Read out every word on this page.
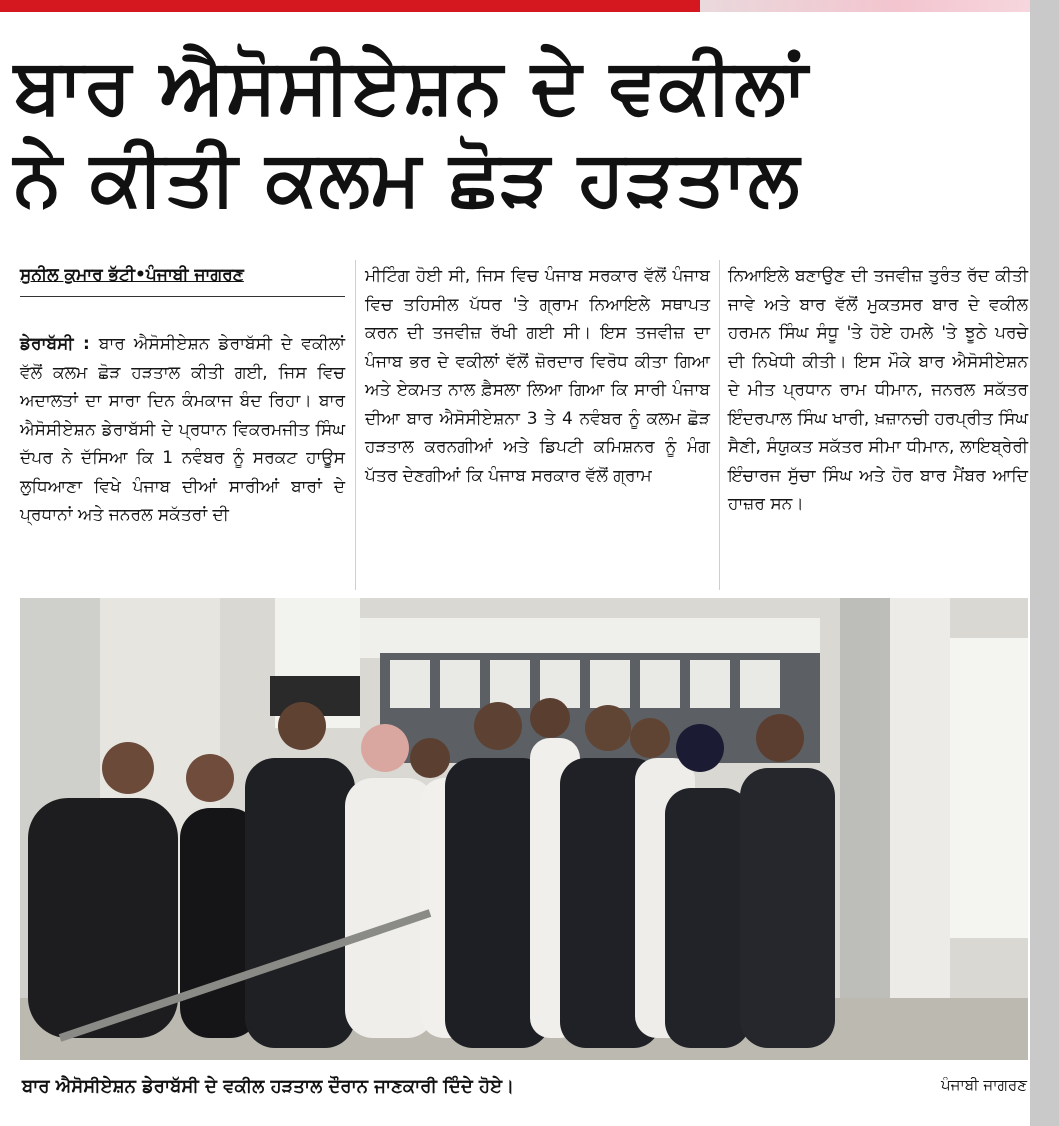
ਬਾਰ ਐਸੋਸੀਏਸ਼ਨ ਦੇ ਵਕੀਲਾਂ
ਨੇ ਕੀਤੀ ਕਲਮ ਛੋੜ ਹੜਤਾਲ
ਸੁਨੀਲ ਕੁਮਾਰ ਭੱਟੀ•ਪੰਜਾਬੀ ਜਾਗਰਣ

ਡੇਰਾਬੱਸੀ : ਬਾਰ ਐਸੋਸੀਏਸ਼ਨ ਡੇਰਾਬੱਸੀ ਦੇ ਵਕੀਲਾਂ ਵੱਲੋਂ ਕਲਮ ਛੋੜ ਹੜਤਾਲ ਕੀਤੀ ਗਈ, ਜਿਸ ਵਿਚ ਅਦਾਲਤਾਂ ਦਾ ਸਾਰਾ ਦਿਨ ਕੰਮਕਾਜ ਬੰਦ ਰਿਹਾ। ਬਾਰ ਐਸੋਸੀਏਸ਼ਨ ਡੇਰਾਬੱਸੀ ਦੇ ਪ੍ਰਧਾਨ ਵਿਕਰਮਜੀਤ ਸਿੰਘ ਦੱਪਰ ਨੇ ਦੱਸਿਆ ਕਿ 1 ਨਵੰਬਰ ਨੂੰ ਸਰਕਟ ਹਾਊਸ ਲੁਧਿਆਣਾ ਵਿਖੇ ਪੰਜਾਬ ਦੀਆਂ ਸਾਰੀਆਂ ਬਾਰਾਂ ਦੇ ਪ੍ਰਧਾਨਾਂ ਅਤੇ ਜਨਰਲ ਸਕੱਤਰਾਂ ਦੀ

ਮੀਟਿੰਗ ਹੋਈ ਸੀ, ਜਿਸ ਵਿਚ ਪੰਜਾਬ ਸਰਕਾਰ ਵੱਲੋਂ ਪੰਜਾਬ ਵਿਚ ਤਹਿਸੀਲ ਪੱਧਰ 'ਤੇ ਗ੍ਰਾਮ ਨਿਆਇਲੇ ਸਥਾਪਤ ਕਰਨ ਦੀ ਤਜਵੀਜ਼ ਰੱਖੀ ਗਈ ਸੀ। ਇਸ ਤਜਵੀਜ਼ ਦਾ ਪੰਜਾਬ ਭਰ ਦੇ ਵਕੀਲਾਂ ਵੱਲੋਂ ਜ਼ੋਰਦਾਰ ਵਿਰੋਧ ਕੀਤਾ ਗਿਆ ਅਤੇ ਏਕਮਤ ਨਾਲ ਫ਼ੈਸਲਾ ਲਿਆ ਗਿਆ ਕਿ ਸਾਰੀ ਪੰਜਾਬ ਦੀਆ ਬਾਰ ਐਸੋਸੀਏਸ਼ਨਾ 3 ਤੇ 4 ਨਵੰਬਰ ਨੂੰ ਕਲਮ ਛੋੜ ਹੜਤਾਲ ਕਰਨਗੀਆਂ ਅਤੇ ਡਿਪਟੀ ਕਮਿਸ਼ਨਰ ਨੂੰ ਮੰਗ ਪੱਤਰ ਦੇਣਗੀਆਂ ਕਿ ਪੰਜਾਬ ਸਰਕਾਰ ਵੱਲੋਂ ਗ੍ਰਾਮ

ਨਿਆਇਲੇ ਬਣਾਉਣ ਦੀ ਤਜਵੀਜ਼ ਤੁਰੰਤ ਰੱਦ ਕੀਤੀ ਜਾਵੇ ਅਤੇ ਬਾਰ ਵੱਲੋਂ ਮੁਕਤਸਰ ਬਾਰ ਦੇ ਵਕੀਲ ਹਰਮਨ ਸਿੰਘ ਸੰਧੂ 'ਤੇ ਹੋਏ ਹਮਲੇ 'ਤੇ ਝੂਠੇ ਪਰਚੇ ਦੀ ਨਿਖੇਧੀ ਕੀਤੀ। ਇਸ ਮੌਕੇ ਬਾਰ ਐਸੋਸੀਏਸ਼ਨ ਦੇ ਮੀਤ ਪ੍ਰਧਾਨ ਰਾਮ ਧੀਮਾਨ, ਜਨਰਲ ਸਕੱਤਰ ਇੰਦਰਪਾਲ ਸਿੰਘ ਖਾਰੀ, ਖ਼ਜ਼ਾਨਚੀ ਹਰਪ੍ਰੀਤ ਸਿੰਘ ਸੈਣੀ, ਸੰਯੁਕਤ ਸਕੱਤਰ ਸੀਮਾ ਧੀਮਾਨ, ਲਾਇਬ੍ਰੇਰੀ ਇੰਚਾਰਜ ਸੁੱਚਾ ਸਿੰਘ ਅਤੇ ਹੋਰ ਬਾਰ ਮੈਂਬਰ ਆਦਿ ਹਾਜ਼ਰ ਸਨ।

ਬਾਰ ਐਸੋਸੀਏਸ਼ਨ ਡੇਰਾਬੱਸੀ ਦੇ ਵਕੀਲ ਹੜਤਾਲ ਦੌਰਾਨ ਜਾਣਕਾਰੀ ਦਿੰਦੇ ਹੋਏ।	ਪੰਜਾਬੀ ਜਾਗਰਣ
